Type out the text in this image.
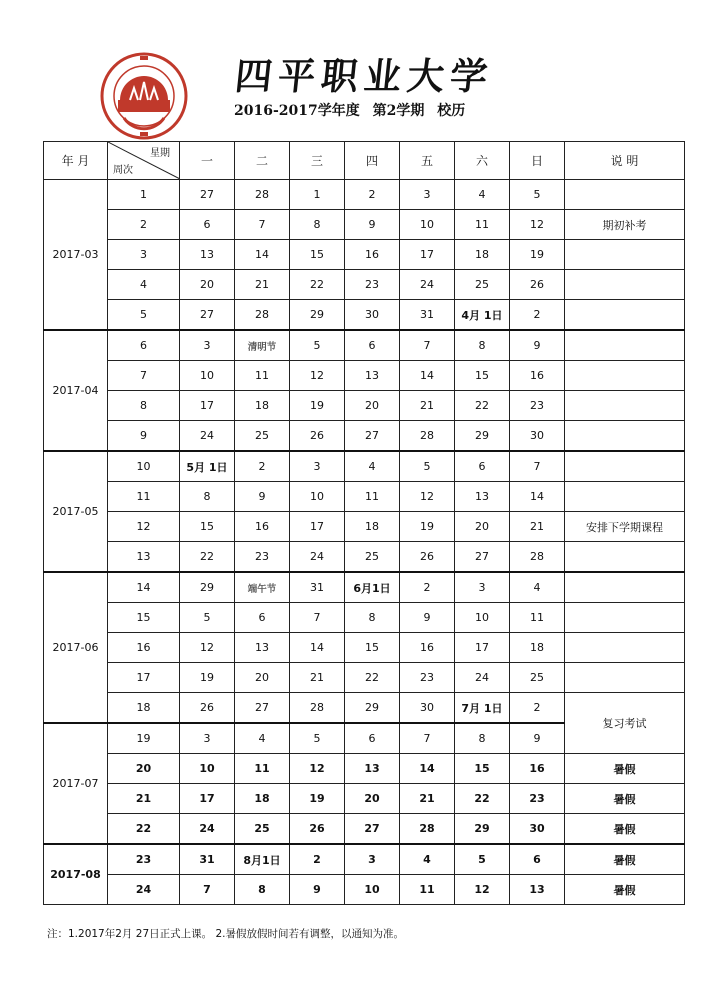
四平职业大学
2016-2017学年度 第2学期 校历
年 月	星期
周次	一	二	三	四	五	六	日	说 明
2017-03	1	27	28	1	2	3	4	5	
	2	6	7	8	9	10	11	12	期初补考
	3	13	14	15	16	17	18	19	
	4	20	21	22	23	24	25	26	
	5	27	28	29	30	31	4月 1日	2	
2017-04	6	3	清明节	5	6	7	8	9	
	7	10	11	12	13	14	15	16	
	8	17	18	19	20	21	22	23	
	9	24	25	26	27	28	29	30	
2017-05	10	5月 1日	2	3	4	5	6	7	
	11	8	9	10	11	12	13	14	
	12	15	16	17	18	19	20	21	安排下学期课程
	13	22	23	24	25	26	27	28	
2017-06	14	29	端午节	31	6月1日	2	3	4	
	15	5	6	7	8	9	10	11	
	16	12	13	14	15	16	17	18	
	17	19	20	21	22	23	24	25	
	18	26	27	28	29	30	7月 1日	2	复习考试
2017-07	19	3	4	5	6	7	8	9	
	20	10	11	12	13	14	15	16	暑假
	21	17	18	19	20	21	22	23	暑假
	22	24	25	26	27	28	29	30	暑假
2017-08	23	31	8月1日	2	3	4	5	6	暑假
	24	7	8	9	10	11	12	13	暑假
注：1.2017年2月 27日正式上课。 2.暑假放假时间若有调整，以通知为准。
